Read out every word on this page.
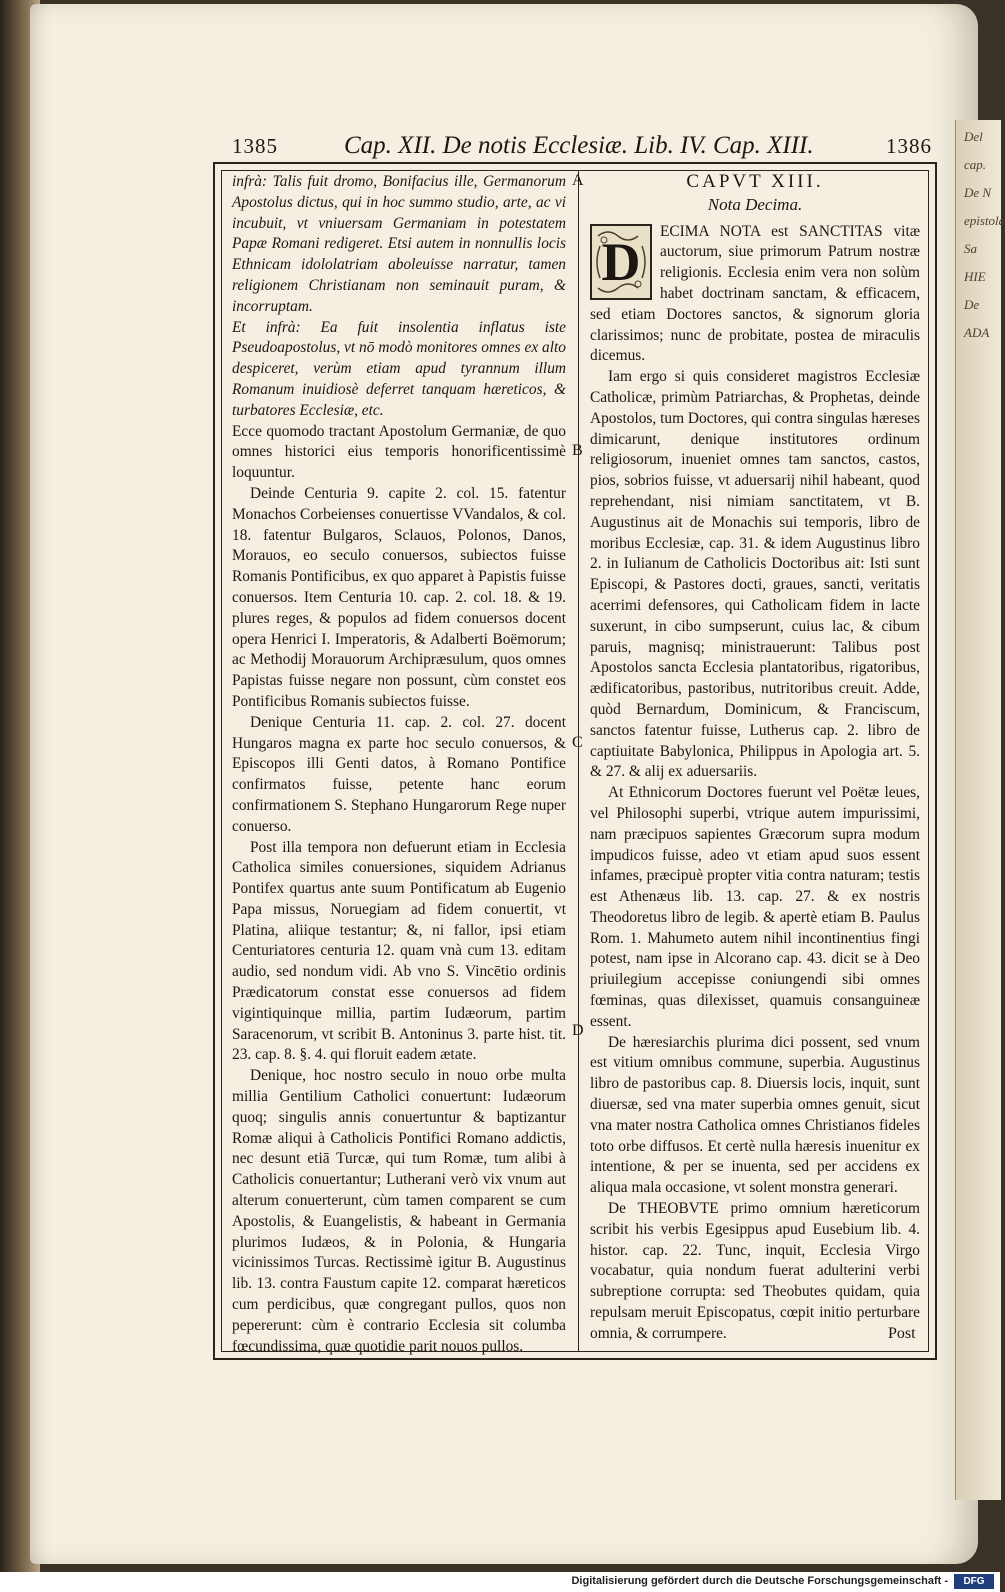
Del
cap.
De N
epistola
Sa
HIE
De
ADA
1385	Cap. XII. De notis Ecclesiæ. Lib. IV. Cap. XIII.	1386
A
B
C
D

infrà: Talis fuit dromo, Bonifacius ille, Germanorum Apostolus dictus, qui in hoc summo studio, arte, ac vi incubuit, vt vniuersam Germaniam in potestatem Papæ Romani redigeret. Etsi autem in nonnullis locis Ethnicam idololatriam aboleuisse narratur, tamen religionem Christianam non seminauit puram, & incorruptam.

Et infrà: Ea fuit insolentia inflatus iste Pseudoapostolus, vt nō modò monitores omnes ex alto despiceret, verùm etiam apud tyrannum illum Romanum inuidiosè deferret tanquam hæreticos, & turbatores Ecclesiæ, etc.

Ecce quomodo tractant Apostolum Germaniæ, de quo omnes historici eius temporis honorificentissimè loquuntur.

Deinde Centuria 9. capite 2. col. 15. fatentur Monachos Corbeienses conuertisse VVandalos, & col. 18. fatentur Bulgaros, Sclauos, Polonos, Danos, Morauos, eo seculo conuersos, subiectos fuisse Romanis Pontificibus, ex quo apparet à Papistis fuisse conuersos. Item Centuria 10. cap. 2. col. 18. & 19. plures reges, & populos ad fidem conuersos docent opera Henrici I. Imperatoris, & Adalberti Boëmorum; ac Methodij Morauorum Archipræsulum, quos omnes Papistas fuisse negare non possunt, cùm constet eos Pontificibus Romanis subiectos fuisse.

Denique Centuria 11. cap. 2. col. 27. docent Hungaros magna ex parte hoc seculo conuersos, & Episcopos illi Genti datos, à Romano Pontifice confirmatos fuisse, petente hanc eorum confirmationem S. Stephano Hungarorum Rege nuper conuerso.

Post illa tempora non defuerunt etiam in Ecclesia Catholica similes conuersiones, siquidem Adrianus Pontifex quartus ante suum Pontificatum ab Eugenio Papa missus, Noruegiam ad fidem conuertit, vt Platina, aliique testantur; &, ni fallor, ipsi etiam Centuriatores centuria 12. quam vnà cum 13. editam audio, sed nondum vidi. Ab vno S. Vincētio ordinis Prædicatorum constat esse conuersos ad fidem vigintiquinque millia, partim Iudæorum, partim Saracenorum, vt scribit B. Antoninus 3. parte hist. tit. 23. cap. 8. §. 4. qui floruit eadem ætate.

Denique, hoc nostro seculo in nouo orbe multa millia Gentilium Catholici conuertunt: Iudæorum quoq; singulis annis conuertuntur & baptizantur Romæ aliqui à Catholicis Pontifici Romano addictis, nec desunt etiā Turcæ, qui tum Romæ, tum alibi à Catholicis conuertantur; Lutherani verò vix vnum aut alterum conuerterunt, cùm tamen comparent se cum Apostolis, & Euangelistis, & habeant in Germania plurimos Iudæos, & in Polonia, & Hungaria vicinissimos Turcas. Rectissimè igitur B. Augustinus lib. 13. contra Faustum capite 12. comparat hæreticos cum perdicibus, quæ congregant pullos, quos non pepererunt: cùm è contrario Ecclesia sit columba fœcundissima, quæ quotidie parit nouos pullos.

CAPVT XIII.
Nota Decima.
D

ECIMA NOTA est SANCTITAS vitæ auctorum, siue primorum Patrum nostræ religionis. Ecclesia enim vera non solùm habet doctrinam sanctam, & efficacem, sed etiam Doctores sanctos, & signorum gloria clarissimos; nunc de probitate, postea de miraculis dicemus.

Iam ergo si quis consideret magistros Ecclesiæ Catholicæ, primùm Patriarchas, & Prophetas, deinde Apostolos, tum Doctores, qui contra singulas hæreses dimicarunt, denique institutores ordinum religiosorum, inueniet omnes tam sanctos, castos, pios, sobrios fuisse, vt aduersarij nihil habeant, quod reprehendant, nisi nimiam sanctitatem, vt B. Augustinus ait de Monachis sui temporis, libro de moribus Ecclesiæ, cap. 31. & idem Augustinus libro 2. in Iulianum de Catholicis Doctoribus ait: Isti sunt Episcopi, & Pastores docti, graues, sancti, veritatis acerrimi defensores, qui Catholicam fidem in lacte suxerunt, in cibo sumpserunt, cuius lac, & cibum paruis, magnisq; ministrauerunt: Talibus post Apostolos sancta Ecclesia plantatoribus, rigatoribus, ædificatoribus, pastoribus, nutritoribus creuit. Adde, quòd Bernardum, Dominicum, & Franciscum, sanctos fatentur fuisse, Lutherus cap. 2. libro de captiuitate Babylonica, Philippus in Apologia art. 5. & 27. & alij ex aduersariis.

At Ethnicorum Doctores fuerunt vel Poëtæ leues, vel Philosophi superbi, vtrique autem impurissimi, nam præcipuos sapientes Græcorum supra modum impudicos fuisse, adeo vt etiam apud suos essent infames, præcipuè propter vitia contra naturam; testis est Athenæus lib. 13. cap. 27. & ex nostris Theodoretus libro de legib. & apertè etiam B. Paulus Rom. 1. Mahumeto autem nihil incontinentius fingi potest, nam ipse in Alcorano cap. 43. dicit se à Deo priuilegium accepisse coniungendi sibi omnes fœminas, quas dilexisset, quamuis consanguineæ essent.

De hæresiarchis plurima dici possent, sed vnum est vitium omnibus commune, superbia. Augustinus libro de pastoribus cap. 8. Diuersis locis, inquit, sunt diuersæ, sed vna mater superbia omnes genuit, sicut vna mater nostra Catholica omnes Christianos fideles toto orbe diffusos. Et certè nulla hæresis inuenitur ex intentione, & per se inuenta, sed per accidens ex aliqua mala occasione, vt solent monstra generari.

De THEOBVTE primo omnium hæreticorum scribit his verbis Egesippus apud Eusebium lib. 4. histor. cap. 22. Tunc, inquit, Ecclesia Virgo vocabatur, quia nondum fuerat adulterini verbi subreptione corrupta: sed Theobutes quidam, quia repulsam meruit Episcopatus, cœpit initio perturbare omnia, & corrumpere.	Post
Digitalisierung gefördert durch die Deutsche Forschungsgemeinschaft -	DFG
